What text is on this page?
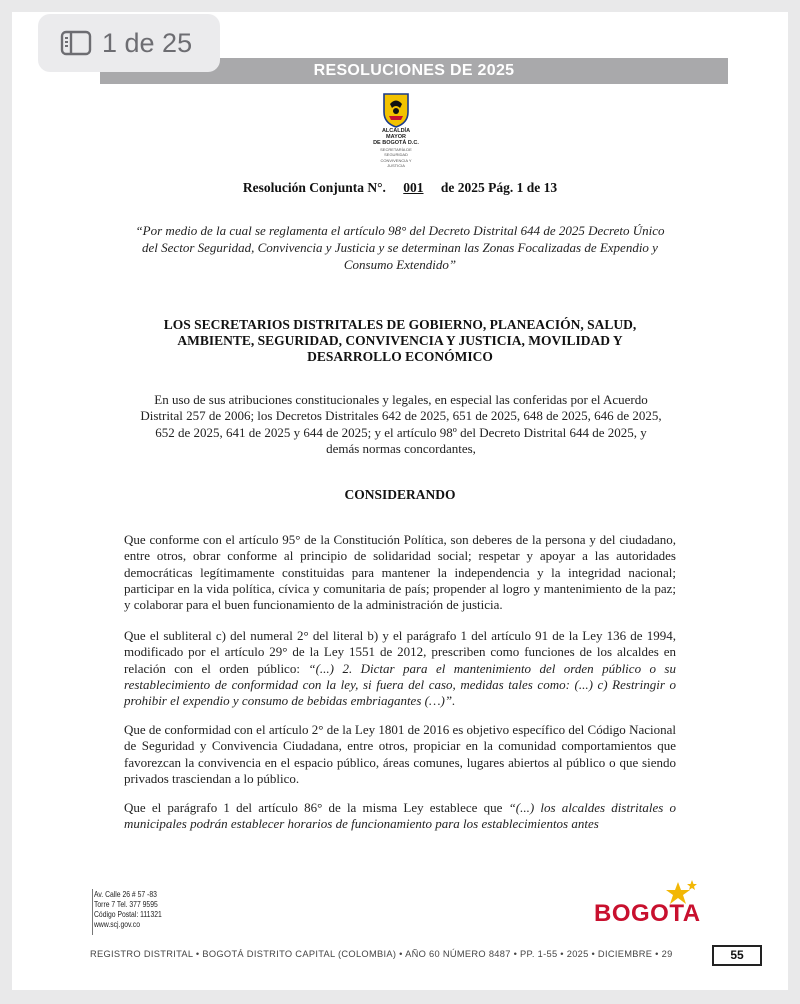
1 de 25
RESOLUCIONES DE 2025
ALCALDÍA MAYOR
DE BOGOTÁ D.C.
SECRETARÍA DE SEGURIDAD
CONVIVENCIA Y JUSTICIA
Resolución Conjunta N°. 001 de 2025 Pág. 1 de 13
“Por medio de la cual se reglamenta el artículo 98° del Decreto Distrital 644 de 2025 Decreto Único del Sector Seguridad, Convivencia y Justicia y se determinan las Zonas Focalizadas de Expendio y Consumo Extendido”
LOS SECRETARIOS DISTRITALES DE GOBIERNO, PLANEACIÓN, SALUD, AMBIENTE, SEGURIDAD, CONVIVENCIA Y JUSTICIA, MOVILIDAD Y DESARROLLO ECONÓMICO
En uso de sus atribuciones constitucionales y legales, en especial las conferidas por el Acuerdo Distrital 257 de 2006; los Decretos Distritales 642 de 2025, 651 de 2025, 648 de 2025, 646 de 2025, 652 de 2025, 641 de 2025 y 644 de 2025; y el artículo 98º del Decreto Distrital 644 de 2025, y demás normas concordantes,
CONSIDERANDO

Que conforme con el artículo 95° de la Constitución Política, son deberes de la persona y del ciudadano, entre otros, obrar conforme al principio de solidaridad social; respetar y apoyar a las autoridades democráticas legítimamente constituidas para mantener la independencia y la integridad nacional; participar en la vida política, cívica y comunitaria de país; propender al logro y mantenimiento de la paz; y colaborar para el buen funcionamiento de la administración de justicia.

Que el subliteral c) del numeral 2° del literal b) y el parágrafo 1 del artículo 91 de la Ley 136 de 1994, modificado por el artículo 29° de la Ley 1551 de 2012, prescriben como funciones de los alcaldes en relación con el orden público: “(...) 2. Dictar para el mantenimiento del orden público o su restablecimiento de conformidad con la ley, si fuera del caso, medidas tales como: (...) c) Restringir o prohibir el expendio y consumo de bebidas embriagantes (…)”.

Que de conformidad con el artículo 2° de la Ley 1801 de 2016 es objetivo específico del Código Nacional de Seguridad y Convivencia Ciudadana, entre otros, propiciar en la comunidad comportamientos que favorezcan la convivencia en el espacio público, áreas comunes, lugares abiertos al público o que siendo privados trasciendan a lo público.

Que el parágrafo 1 del artículo 86° de la misma Ley establece que “(...) los alcaldes distritales o municipales podrán establecer horarios de funcionamiento para los establecimientos antes

Av. Calle 26 # 57 -83
Torre 7 Tel. 377 9595
Código Postal: 111321
www.scj.gov.co	BOGOTA
REGISTRO DISTRITAL • BOGOTÁ DISTRITO CAPITAL (COLOMBIA) • AÑO 60 NÚMERO 8487 • PP. 1-55 • 2025 • DICIEMBRE • 29	55
